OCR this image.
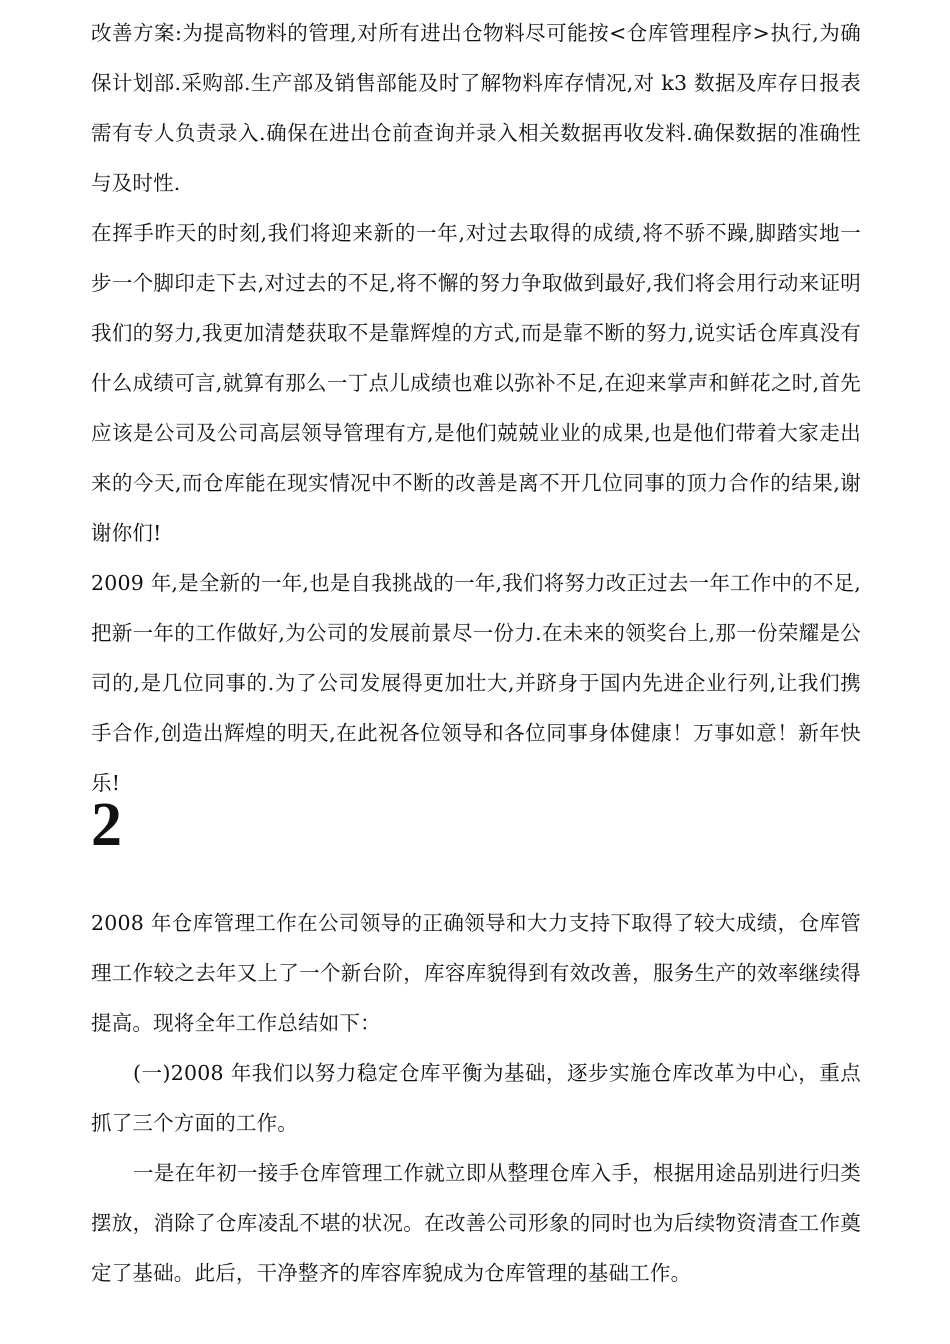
改善方案:为提高物料的管理,对所有进出仓物料尽可能按<仓库管理程序>执行,为确保计划部.采购部.生产部及销售部能及时了解物料库存情况,对 k3 数据及库存日报表需有专人负责录入.确保在进出仓前查询并录入相关数据再收发料.确保数据的准确性与及时性.

在挥手昨天的时刻,我们将迎来新的一年,对过去取得的成绩,将不骄不躁,脚踏实地一步一个脚印走下去,对过去的不足,将不懈的努力争取做到最好,我们将会用行动来证明我们的努力,我更加清楚获取不是靠辉煌的方式,而是靠不断的努力,说实话仓库真没有什么成绩可言,就算有那么一丁点儿成绩也难以弥补不足,在迎来掌声和鲜花之时,首先应该是公司及公司高层领导管理有方,是他们兢兢业业的成果,也是他们带着大家走出来的今天,而仓库能在现实情况中不断的改善是离不开几位同事的顶力合作的结果,谢谢你们!

2009 年,是全新的一年,也是自我挑战的一年,我们将努力改正过去一年工作中的不足,把新一年的工作做好,为公司的发展前景尽一份力.在未来的领奖台上,那一份荣耀是公司的,是几位同事的.为了公司发展得更加壮大,并跻身于国内先进企业行列,让我们携手合作,创造出辉煌的明天,在此祝各位领导和各位同事身体健康！万事如意！新年快乐!

2

2008 年仓库管理工作在公司领导的正确领导和大力支持下取得了较大成绩，仓库管理工作较之去年又上了一个新台阶，库容库貌得到有效改善，服务生产的效率继续得提高。现将全年工作总结如下：

(一)2008 年我们以努力稳定仓库平衡为基础，逐步实施仓库改革为中心，重点抓了三个方面的工作。

一是在年初一接手仓库管理工作就立即从整理仓库入手，根据用途品别进行归类摆放，消除了仓库凌乱不堪的状况。在改善公司形象的同时也为后续物资清查工作奠定了基础。此后，干净整齐的库容库貌成为仓库管理的基础工作。
